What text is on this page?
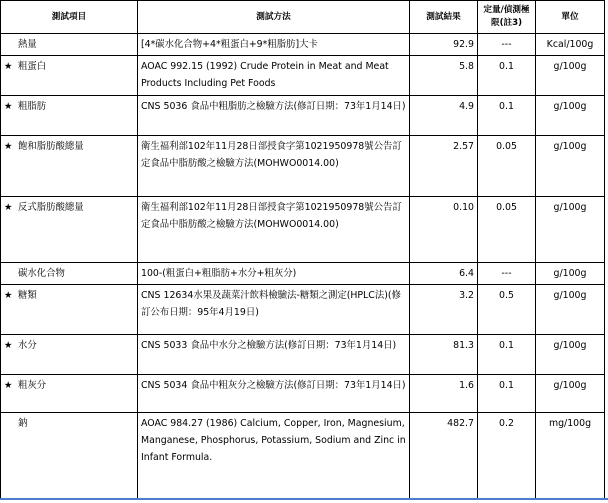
測試項目	測試方法	測試結果	定量/偵測極限(註3)	單位
熱量	[4*碳水化合物+4*粗蛋白+9*粗脂肪]大卡	92.9	---	Kcal/100g
★ 粗蛋白	AOAC 992.15 (1992) Crude Protein in Meat and Meat Products Including Pet Foods	5.8	0.1	g/100g
★ 粗脂肪	CNS 5036 食品中粗脂肪之檢驗方法(修訂日期：73年1月14日)	4.9	0.1	g/100g
★ 飽和脂肪酸總量	衛生福利部102年11月28日部授食字第1021950978號公告訂定食品中脂肪酸之檢驗方法(MOHWO0014.00)	2.57	0.05	g/100g
★ 反式脂肪酸總量	衛生福利部102年11月28日部授食字第1021950978號公告訂定食品中脂肪酸之檢驗方法(MOHWO0014.00)	0.10	0.05	g/100g
碳水化合物	100-(粗蛋白+粗脂肪+水分+粗灰分)	6.4	---	g/100g
★ 糖類	CNS 12634水果及蔬菜汁飲料檢驗法-糖類之測定(HPLC法)(修訂公布日期：95年4月19日)	3.2	0.5	g/100g
★ 水分	CNS 5033 食品中水分之檢驗方法(修訂日期：73年1月14日)	81.3	0.1	g/100g
★ 粗灰分	CNS 5034 食品中粗灰分之檢驗方法(修訂日期：73年1月14日)	1.6	0.1	g/100g
鈉	AOAC 984.27 (1986) Calcium, Copper, Iron, Magnesium, Manganese, Phosphorus, Potassium, Sodium and Zinc in Infant Formula.	482.7	0.2	mg/100g
